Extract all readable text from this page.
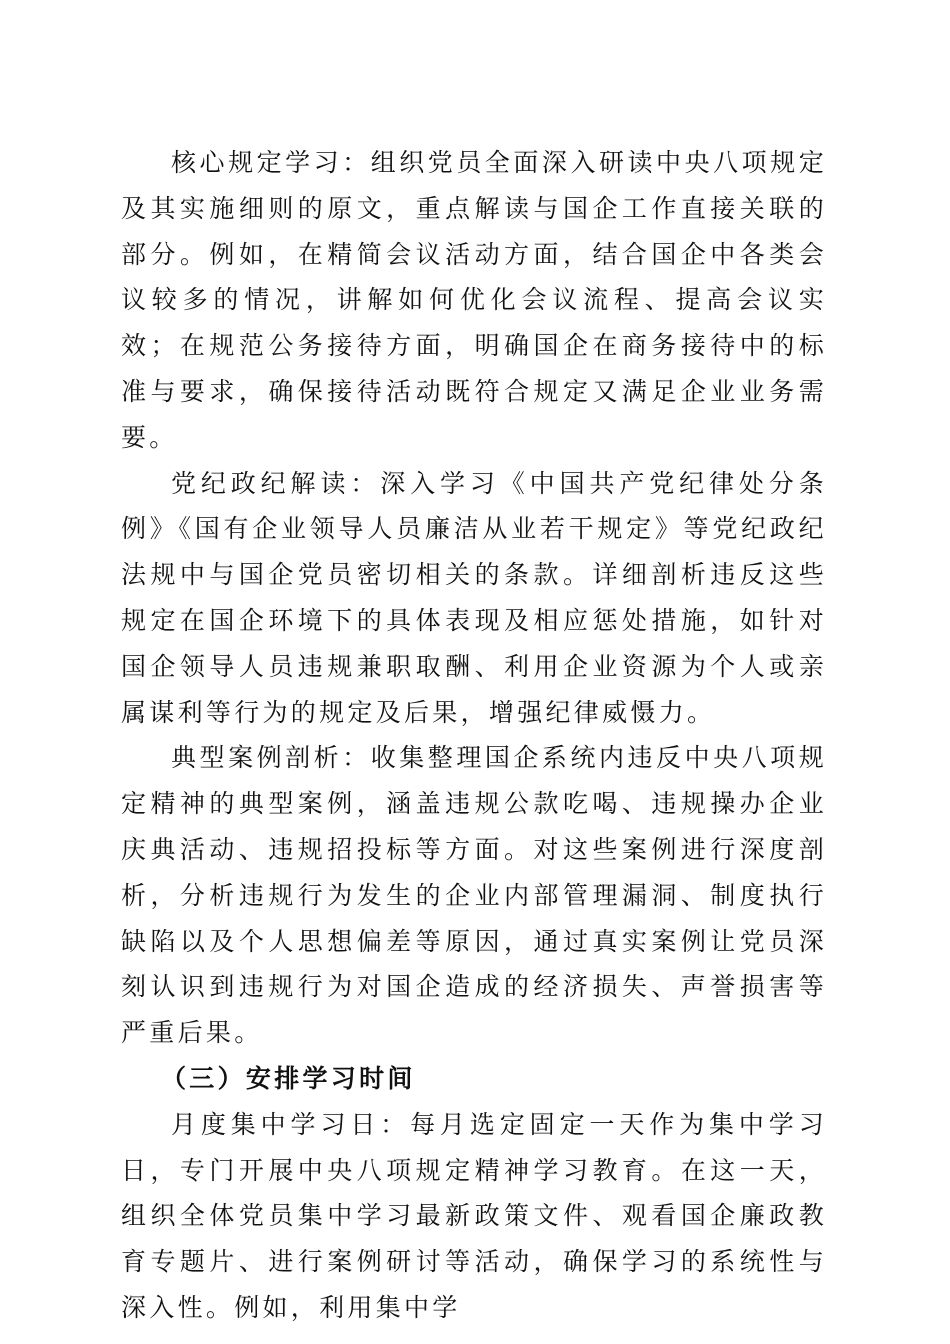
核心规定学习：组织党员全面深入研读中央八项规定及其实施细则的原文，重点解读与国企工作直接关联的部分。例如，在精简会议活动方面，结合国企中各类会议较多的情况，讲解如何优化会议流程、提高会议实效；在规范公务接待方面，明确国企在商务接待中的标准与要求，确保接待活动既符合规定又满足企业业务需要。

党纪政纪解读：深入学习《中国共产党纪律处分条例》《国有企业领导人员廉洁从业若干规定》等党纪政纪法规中与国企党员密切相关的条款。详细剖析违反这些规定在国企环境下的具体表现及相应惩处措施，如针对国企领导人员违规兼职取酬、利用企业资源为个人或亲属谋利等行为的规定及后果，增强纪律威慑力。

典型案例剖析：收集整理国企系统内违反中央八项规定精神的典型案例，涵盖违规公款吃喝、违规操办企业庆典活动、违规招投标等方面。对这些案例进行深度剖析，分析违规行为发生的企业内部管理漏洞、制度执行缺陷以及个人思想偏差等原因，通过真实案例让党员深刻认识到违规行为对国企造成的经济损失、声誉损害等严重后果。

（三）安排学习时间

月度集中学习日：每月选定固定一天作为集中学习日，专门开展中央八项规定精神学习教育。在这一天，组织全体党员集中学习最新政策文件、观看国企廉政教育专题片、进行案例研讨等活动，确保学习的系统性与深入性。例如，利用集中学
